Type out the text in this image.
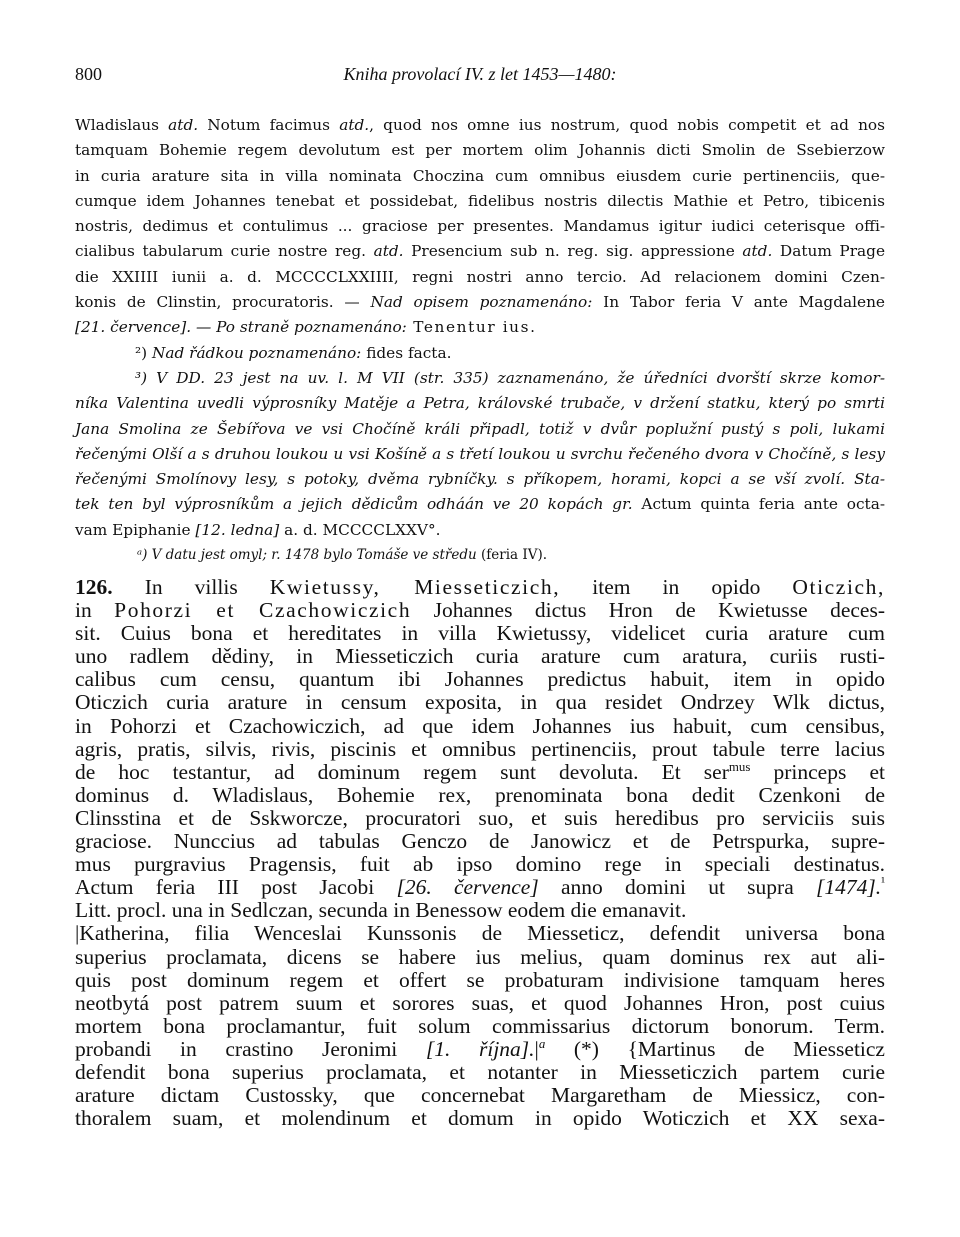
800	Kniha provolací IV. z let 1453—1480:
Wladislaus atd. Notum facimus atd., quod nos omne ius nostrum, quod nobis competit et ad nos
tamquam Bohemie regem devolutum est per mortem olim Johannis dicti Smolin de Ssebierzow
in curia arature sita in villa nominata Choczina cum omnibus eiusdem curie pertinenciis, que-
cumque idem Johannes tenebat et possidebat, fidelibus nostris dilectis Mathie et Petro, tibicenis
nostris, dedimus et contulimus ... graciose per presentes. Mandamus igitur iudici ceterisque offi-
cialibus tabularum curie nostre reg. atd. Presencium sub n. reg. sig. appressione atd. Datum Prage
die XXIIII iunii a. d. MCCCCLXXIIII, regni nostri anno tercio. Ad relacionem domini Czen-
konis de Clinstin, procuratoris. — Nad opisem poznamenáno: In Tabor feria V ante Magdalene
[21. července]. — Po straně poznamenáno: Tenentur ius.
²) Nad řádkou poznamenáno: fides facta.
³) V DD. 23 jest na uv. l. M VII (str. 335) zaznamenáno, že úředníci dvorští skrze komor-
níka Valentina uvedli výprosníky Matěje a Petra, královské trubače, v držení statku, který po smrti
Jana Smolina ze Šebířova ve vsi Chočíně králi připadl, totiž v dvůr poplužní pustý s poli, lukami
řečenými Olší a s druhou loukou u vsi Košíně a s třetí loukou u svrchu řečeného dvora v Chočíně, s lesy
řečenými Smolínovy lesy, s potoky, dvěma rybníčky. s příkopem, horami, kopci a se vší zvolí. Sta-
tek ten byl výprosníkům a jejich dědicům odháán ve 20 kopách gr. Actum quinta feria ante octa-
vam Epiphanie [12. ledna] a. d. MCCCCLXXV°.
ᵃ) V datu jest omyl; r. 1478 bylo Tomáše ve středu (feria IV).
126. In villis Kwietussy, Miesseticzich, item in opido Oticzich,
in Pohorzi et Czachowiczich Johannes dictus Hron de Kwietusse deces-
sit. Cuius bona et hereditates in villa Kwietussy, videlicet curia arature cum
uno radlem dědiny, in Miesseticzich curia arature cum aratura, curiis rusti-
calibus cum censu, quantum ibi Johannes predictus habuit, item in opido
Oticzich curia arature in censum exposita, in qua residet Ondrzey Wlk dictus,
in Pohorzi et Czachowiczich, ad que idem Johannes ius habuit, cum censibus,
agris, pratis, silvis, rivis, piscinis et omnibus pertinenciis, prout tabule terre lacius
de hoc testantur, ad dominum regem sunt devoluta. Et ser$^{mus}$ princeps et
dominus d. Wladislaus, Bohemie rex, prenominata bona dedit Czenkoni de
Clinsstina et de Sskworcze, procuratori suo, et suis heredibus pro serviciis suis
graciose. Nunccius ad tabulas Genczo de Janowicz et de Petrspurka, supre-
mus purgravius Pragensis, fuit ab ipso domino rege in speciali destinatus.
Actum feria III post Jacobi [26. července] anno domini ut supra [1474].$^{^1}$
Litt. procl. una in Sedlczan, secunda in Benessow eodem die emanavit.
|Katherina, filia Wenceslai Kunssonis de Miesseticz, defendit universa bona
superius proclamata, dicens se habere ius melius, quam dominus rex aut ali-
quis post dominum regem et offert se probaturam indivisione tamquam heres
neotbytá post patrem suum et sorores suas, et quod Johannes Hron, post cuius
mortem bona proclamantur, fuit solum commissarius dictorum bonorum. Term.
probandi in crastino Jeronimi [1. $října].|^a$ (*) {Martinus de Miesseticz
defendit bona superius proclamata, et notanter in Miesseticzich partem curie
arature dictam Custossky, que concernebat Margaretham de Miessicz, con-
thoralem suam, et molendinum et domum in opido Woticzich et XX sexa-
